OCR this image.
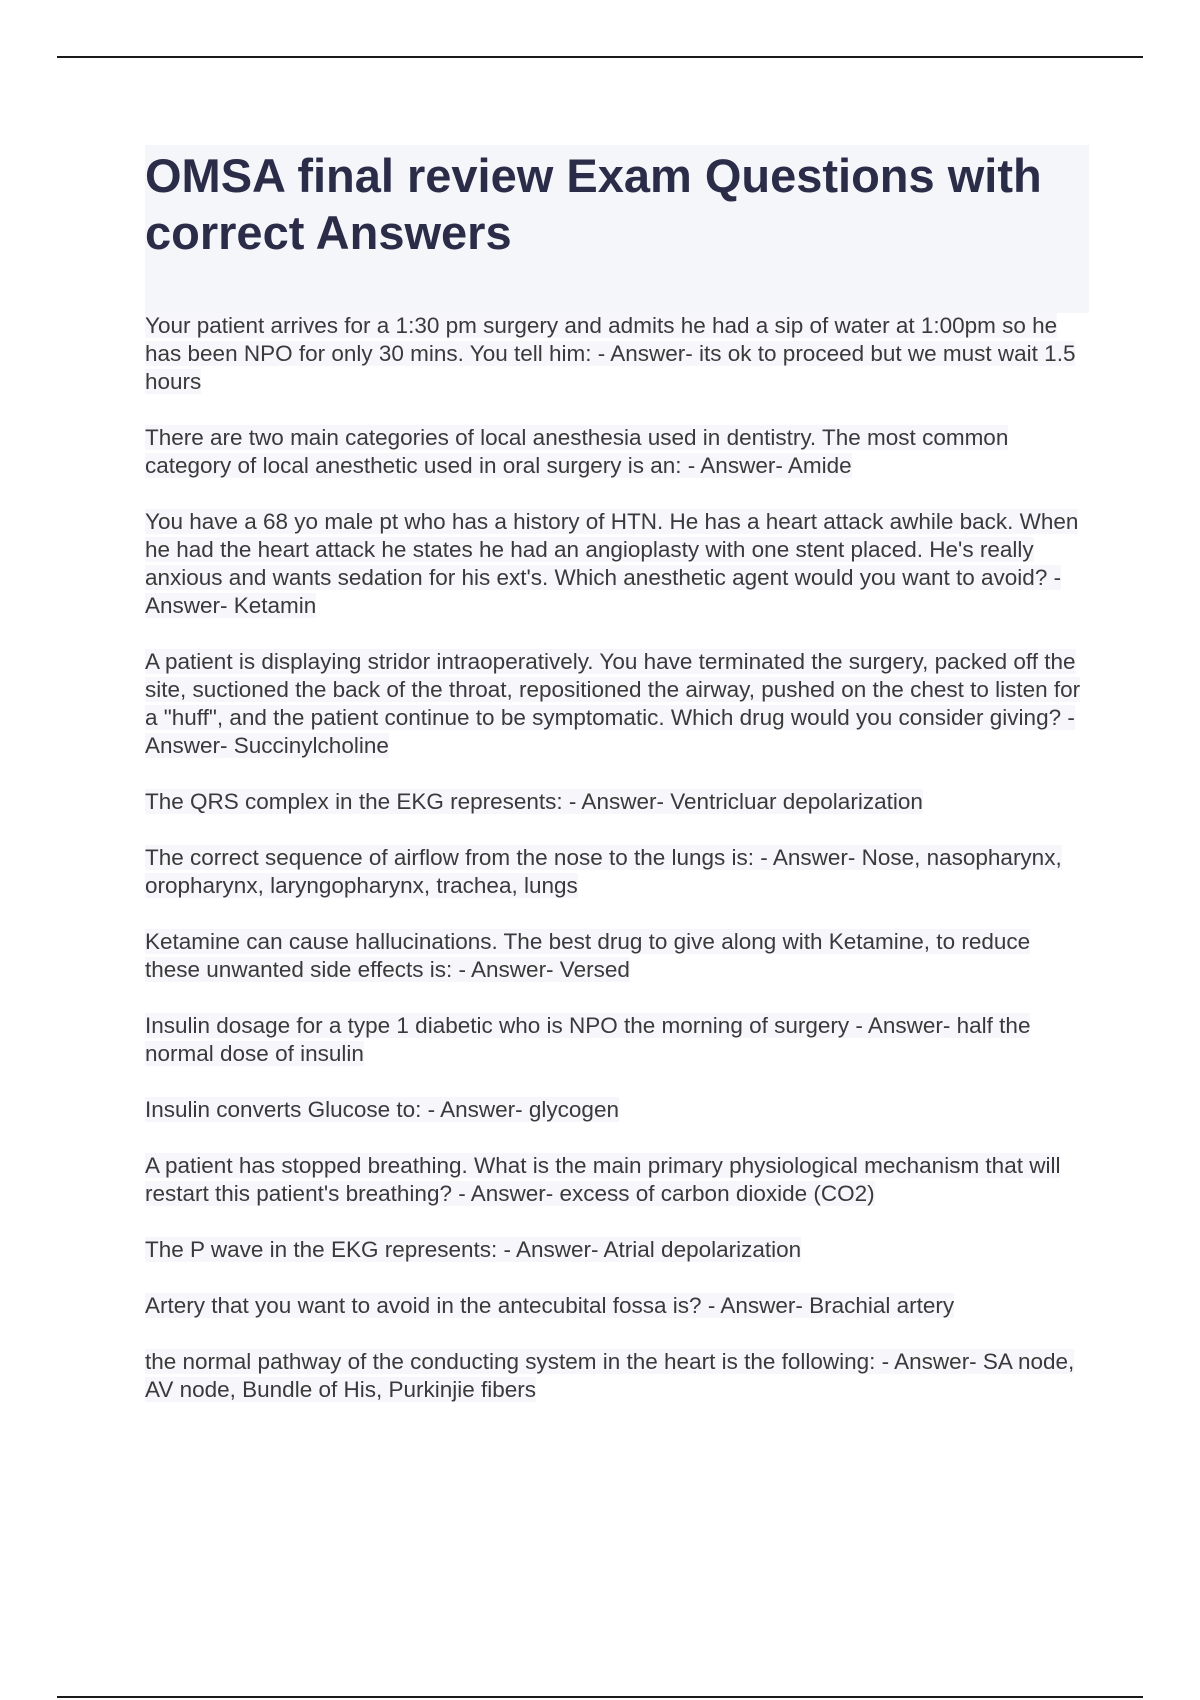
OMSA final review Exam Questions with correct Answers
Your patient arrives for a 1:30 pm surgery and admits he had a sip of water at 1:00pm so he has been NPO for only 30 mins. You tell him: - Answer- its ok to proceed but we must wait 1.5 hours
There are two main categories of local anesthesia used in dentistry. The most common category of local anesthetic used in oral surgery is an: - Answer- Amide
You have a 68 yo male pt who has a history of HTN. He has a heart attack awhile back. When he had the heart attack he states he had an angioplasty with one stent placed. He's really anxious and wants sedation for his ext's. Which anesthetic agent would you want to avoid? - Answer- Ketamin
A patient is displaying stridor intraoperatively. You have terminated the surgery, packed off the site, suctioned the back of the throat, repositioned the airway, pushed on the chest to listen for a "huff", and the patient continue to be symptomatic. Which drug would you consider giving? - Answer- Succinylcholine
The QRS complex in the EKG represents: - Answer- Ventricluar depolarization
The correct sequence of airflow from the nose to the lungs is: - Answer- Nose, nasopharynx, oropharynx, laryngopharynx, trachea, lungs
Ketamine can cause hallucinations. The best drug to give along with Ketamine, to reduce these unwanted side effects is: - Answer- Versed
Insulin dosage for a type 1 diabetic who is NPO the morning of surgery - Answer- half the normal dose of insulin
Insulin converts Glucose to: - Answer- glycogen
A patient has stopped breathing. What is the main primary physiological mechanism that will restart this patient's breathing? - Answer- excess of carbon dioxide (CO2)
The P wave in the EKG represents: - Answer- Atrial depolarization
Artery that you want to avoid in the antecubital fossa is? - Answer- Brachial artery
the normal pathway of the conducting system in the heart is the following: - Answer- SA node, AV node, Bundle of His, Purkinjie fibers
